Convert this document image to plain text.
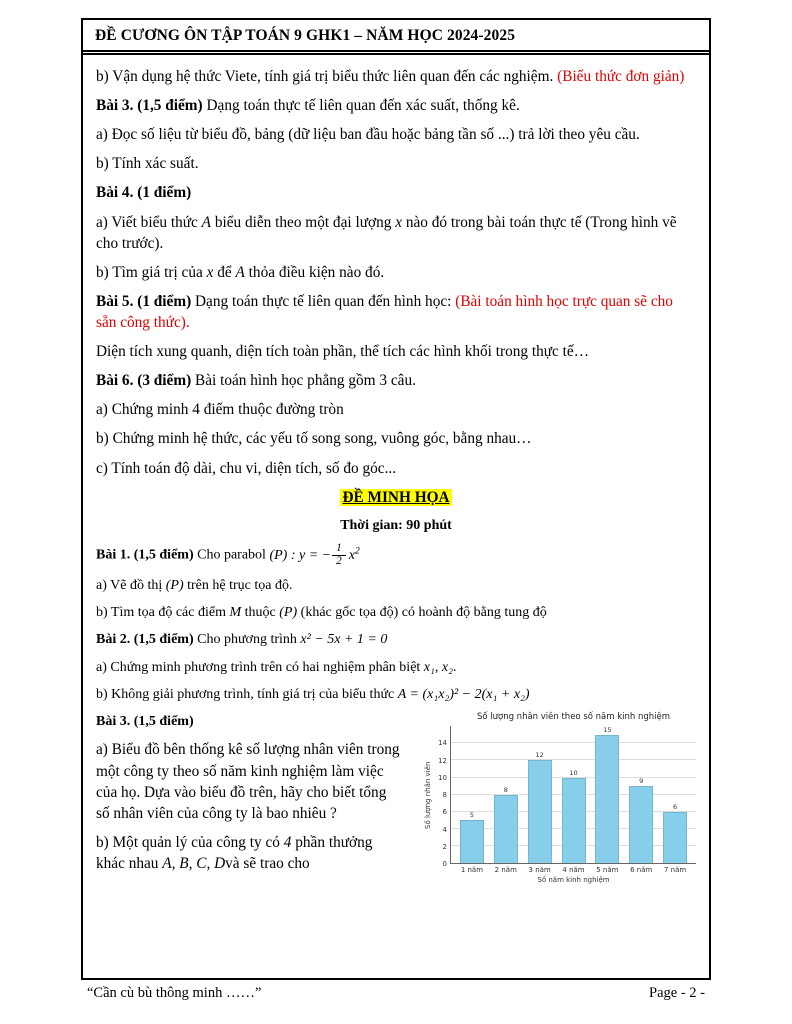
ĐỀ CƯƠNG ÔN TẬP TOÁN 9 GHK1 – NĂM HỌC 2024-2025

b) Vận dụng hệ thức Viete, tính giá trị biểu thức liên quan đến các nghiệm. (Biểu thức đơn giản)

Bài 3. (1,5 điểm) Dạng toán thực tế liên quan đến xác suất, thống kê.

a) Đọc số liệu từ biểu đồ, bảng (dữ liệu ban đầu hoặc bảng tần số ...) trả lời theo yêu cầu.

b) Tính xác suất.

Bài 4. (1 điểm)

a) Viết biểu thức A biểu diễn theo một đại lượng x nào đó trong bài toán thực tế (Trong hình vẽ cho trước).

b) Tìm giá trị của x để A thỏa điều kiện nào đó.

Bài 5. (1 điểm) Dạng toán thực tế liên quan đến hình học: (Bài toán hình học trực quan sẽ cho sẵn công thức).

Diện tích xung quanh, diện tích toàn phần, thể tích các hình khối trong thực tế…

Bài 6. (3 điểm) Bài toán hình học phẳng gồm 3 câu.

a) Chứng minh 4 điểm thuộc đường tròn

b) Chứng minh hệ thức, các yếu tố song song, vuông góc, bằng nhau…

c) Tính toán độ dài, chu vi, diện tích, số đo góc...

ĐỀ MINH HỌA

Thời gian: 90 phút

Bài 1. (1,5 điểm) Cho parabol (P) : y = − $\frac{1}{2} x^2$

a) Vẽ đồ thị (P) trên hệ trục tọa độ.

b) Tìm tọa độ các điểm M thuộc (P) (khác gốc tọa độ) có hoành độ bằng tung độ

Bài 2. (1,5 điểm) Cho phương trình x² − 5x + 1 = 0

a) Chứng minh phương trình trên có hai nghiệm phân biệt x₁, x₂.

b) Không giải phương trình, tính giá trị của biểu thức A = (x₁x₂)² − 2(x₁ + x₂)

Bài 3. (1,5 điểm)

a) Biểu đồ bên thống kê số lượng nhân viên trong một công ty theo số năm kinh nghiệm làm việc của họ. Dựa vào biểu đồ trên, hãy cho biết tổng số nhân viên của công ty là bao nhiêu ?

b) Một quản lý của công ty có 4 phần thưởng khác nhau A, B, C, Dvà sẽ trao cho

Số lượng nhân viên theo số năm kinh nghiệm
Số lượng nhân viên
0
2
4
6
8
10
12
14
5
8
12
10
15
9
6
1 năm	2 năm	3 năm	4 năm	5 năm	6 năm	7 năm
Số năm kinh nghiệm
“Cần cù bù thông minh ……”	Page - 2 -
